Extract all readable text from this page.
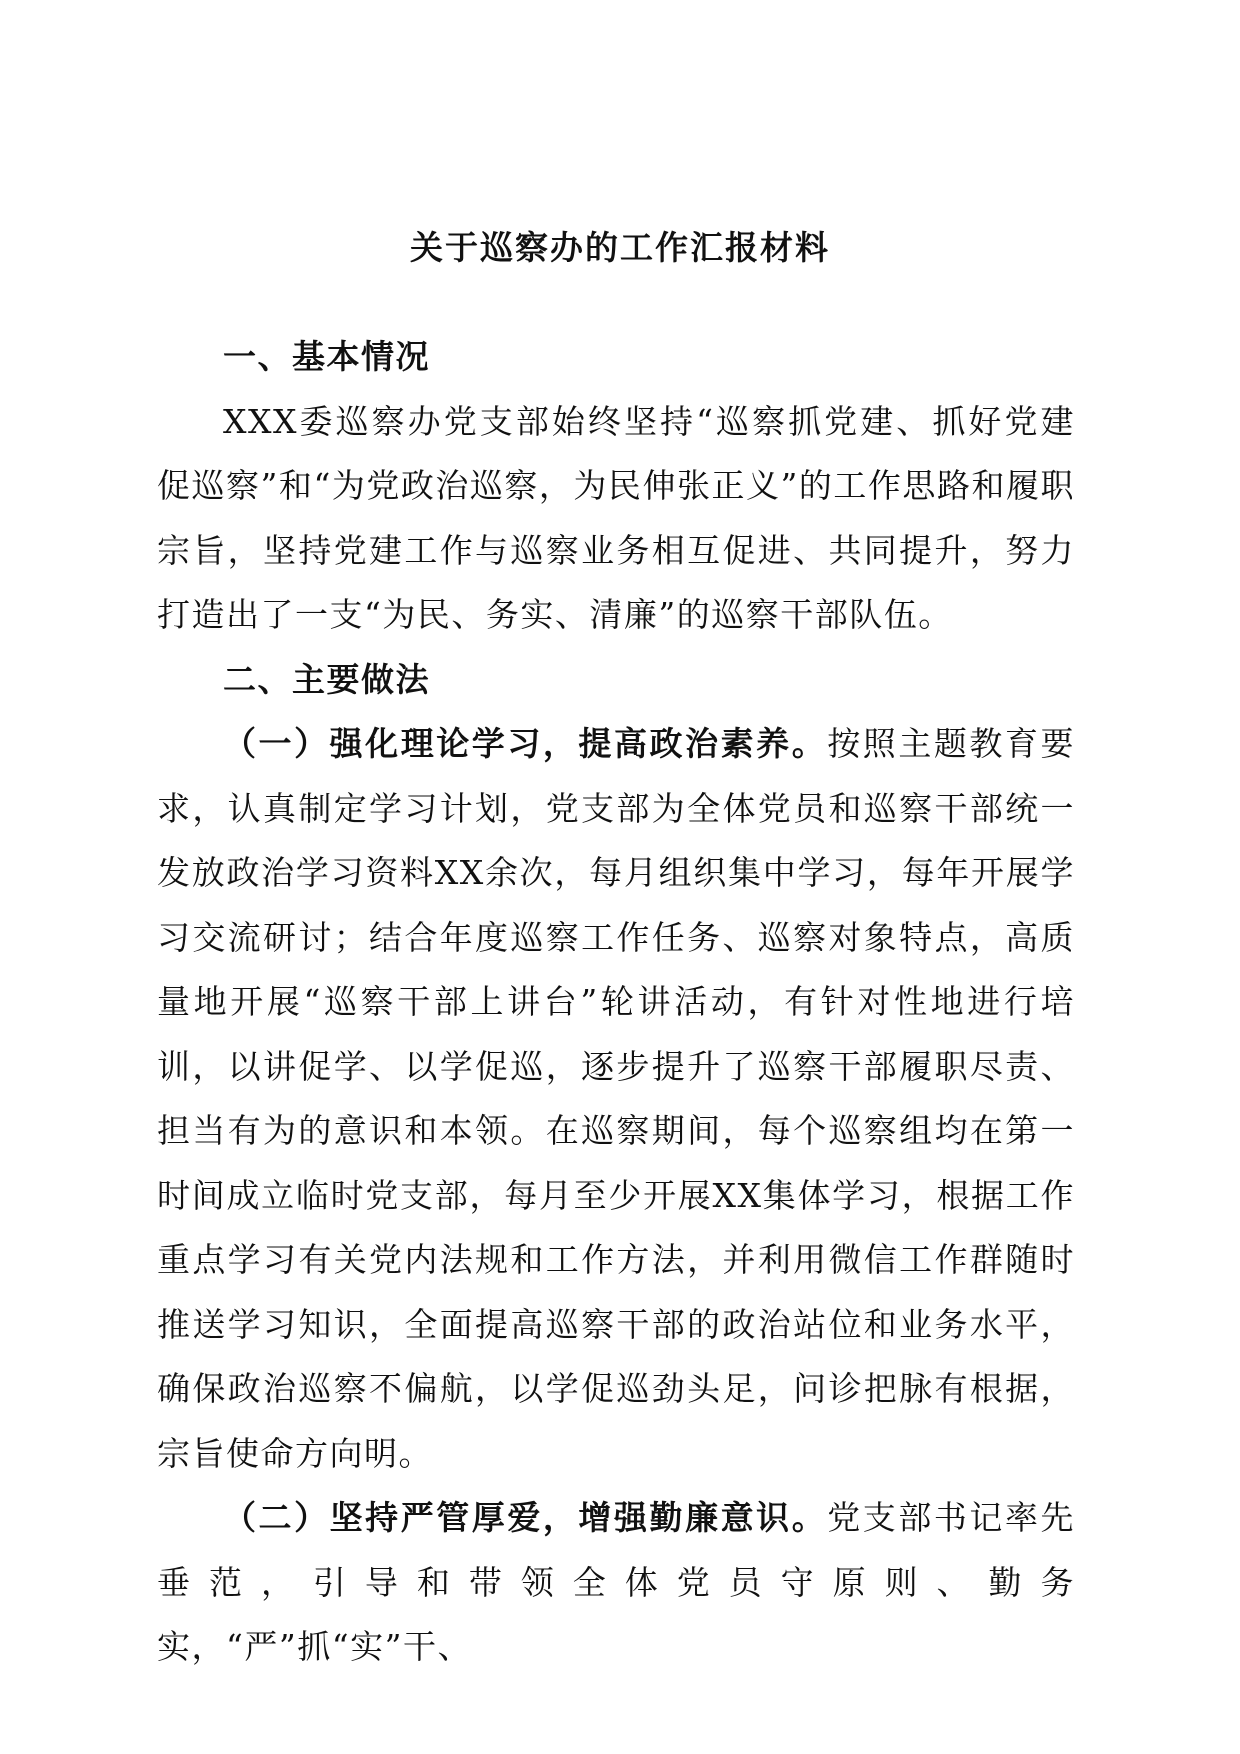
关于巡察办的工作汇报材料

一、基本情况

XXX委巡察办党支部始终坚持“巡察抓党建、抓好党建促巡察”和“为党政治巡察，为民伸张正义”的工作思路和履职宗旨，坚持党建工作与巡察业务相互促进、共同提升，努力打造出了一支“为民、务实、清廉”的巡察干部队伍。

二、主要做法

（一）强化理论学习，提高政治素养。按照主题教育要求，认真制定学习计划，党支部为全体党员和巡察干部统一发放政治学习资料XX余次，每月组织集中学习，每年开展学习交流研讨；结合年度巡察工作任务、巡察对象特点，高质量地开展“巡察干部上讲台”轮讲活动，有针对性地进行培训，以讲促学、以学促巡，逐步提升了巡察干部履职尽责、担当有为的意识和本领。在巡察期间，每个巡察组均在第一时间成立临时党支部，每月至少开展XX集体学习，根据工作重点学习有关党内法规和工作方法，并利用微信工作群随时推送学习知识，全面提高巡察干部的政治站位和业务水平，确保政治巡察不偏航，以学促巡劲头足，问诊把脉有根据，宗旨使命方向明。

（二）坚持严管厚爱，增强勤廉意识。党支部书记率先垂范，引导和带领全体党员守原则、勤务实，“严”抓“实”干、
